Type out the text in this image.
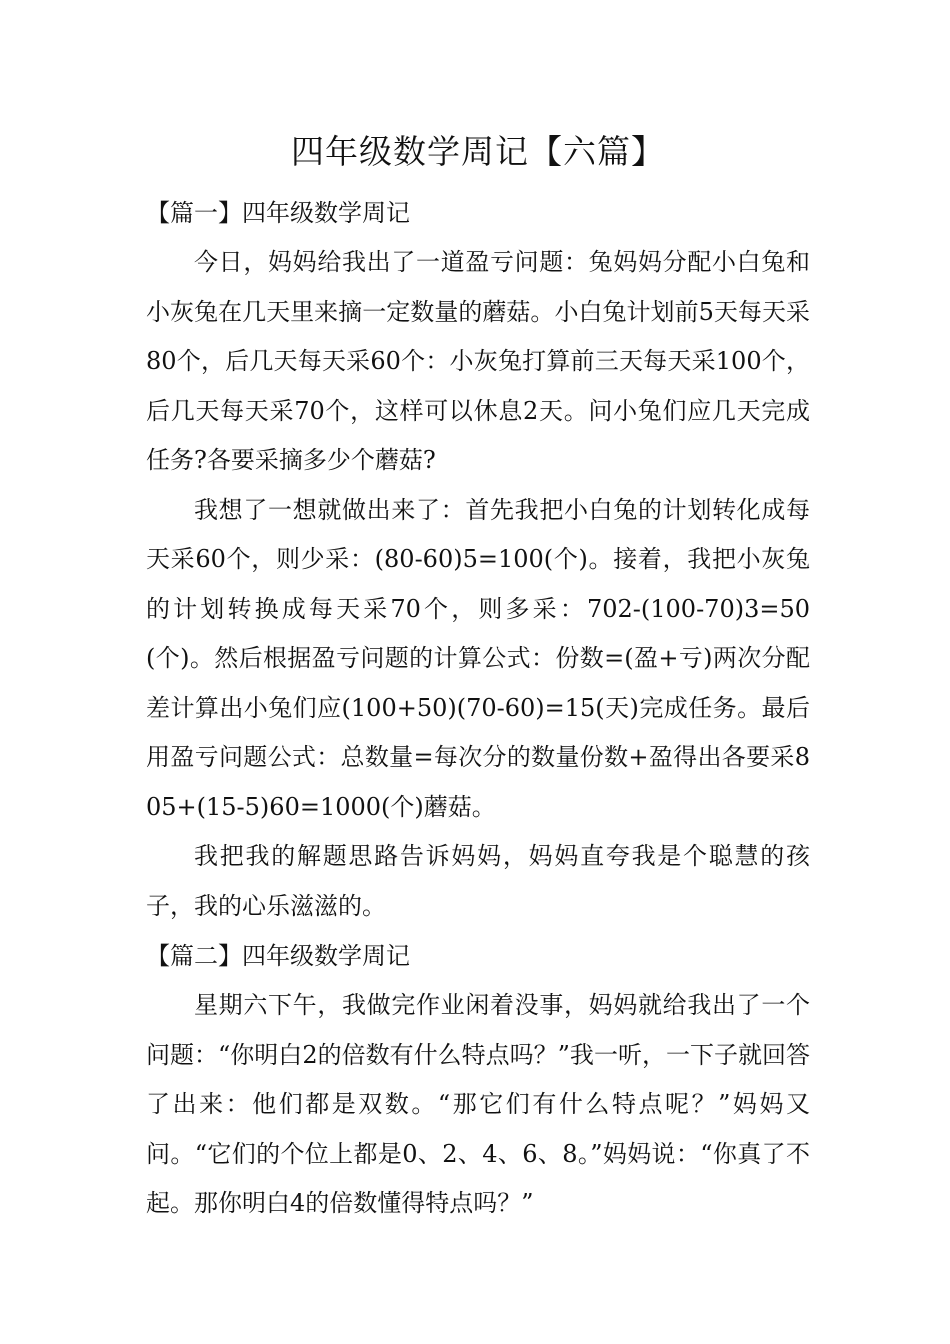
四年级数学周记【六篇】

【篇一】四年级数学周记

今日，妈妈给我出了一道盈亏问题：兔妈妈分配小白兔和小灰兔在几天里来摘一定数量的蘑菇。小白兔计划前5天每天采80个，后几天每天采60个：小灰兔打算前三天每天采100个，后几天每天采70个，这样可以休息2天。问小兔们应几天完成任务?各要采摘多少个蘑菇?

我想了一想就做出来了：首先我把小白兔的计划转化成每天采60个，则少采：(80-60)5=100(个)。接着，我把小灰兔的计划转换成每天采70个，则多采：702-(100-70)3=50(个)。然后根据盈亏问题的计算公式：份数=(盈+亏)两次分配差计算出小兔们应(100+50)(70-60)=15(天)完成任务。最后用盈亏问题公式：总数量=每次分的数量份数+盈得出各要采805+(15-5)60=1000(个)蘑菇。

我把我的解题思路告诉妈妈，妈妈直夸我是个聪慧的孩子，我的心乐滋滋的。

【篇二】四年级数学周记

星期六下午，我做完作业闲着没事，妈妈就给我出了一个问题：“你明白2的倍数有什么特点吗？”我一听，一下子就回答了出来：他们都是双数。“那它们有什么特点呢？”妈妈又问。“它们的个位上都是0、2、4、6、8。”妈妈说：“你真了不起。那你明白4的倍数懂得特点吗？”
